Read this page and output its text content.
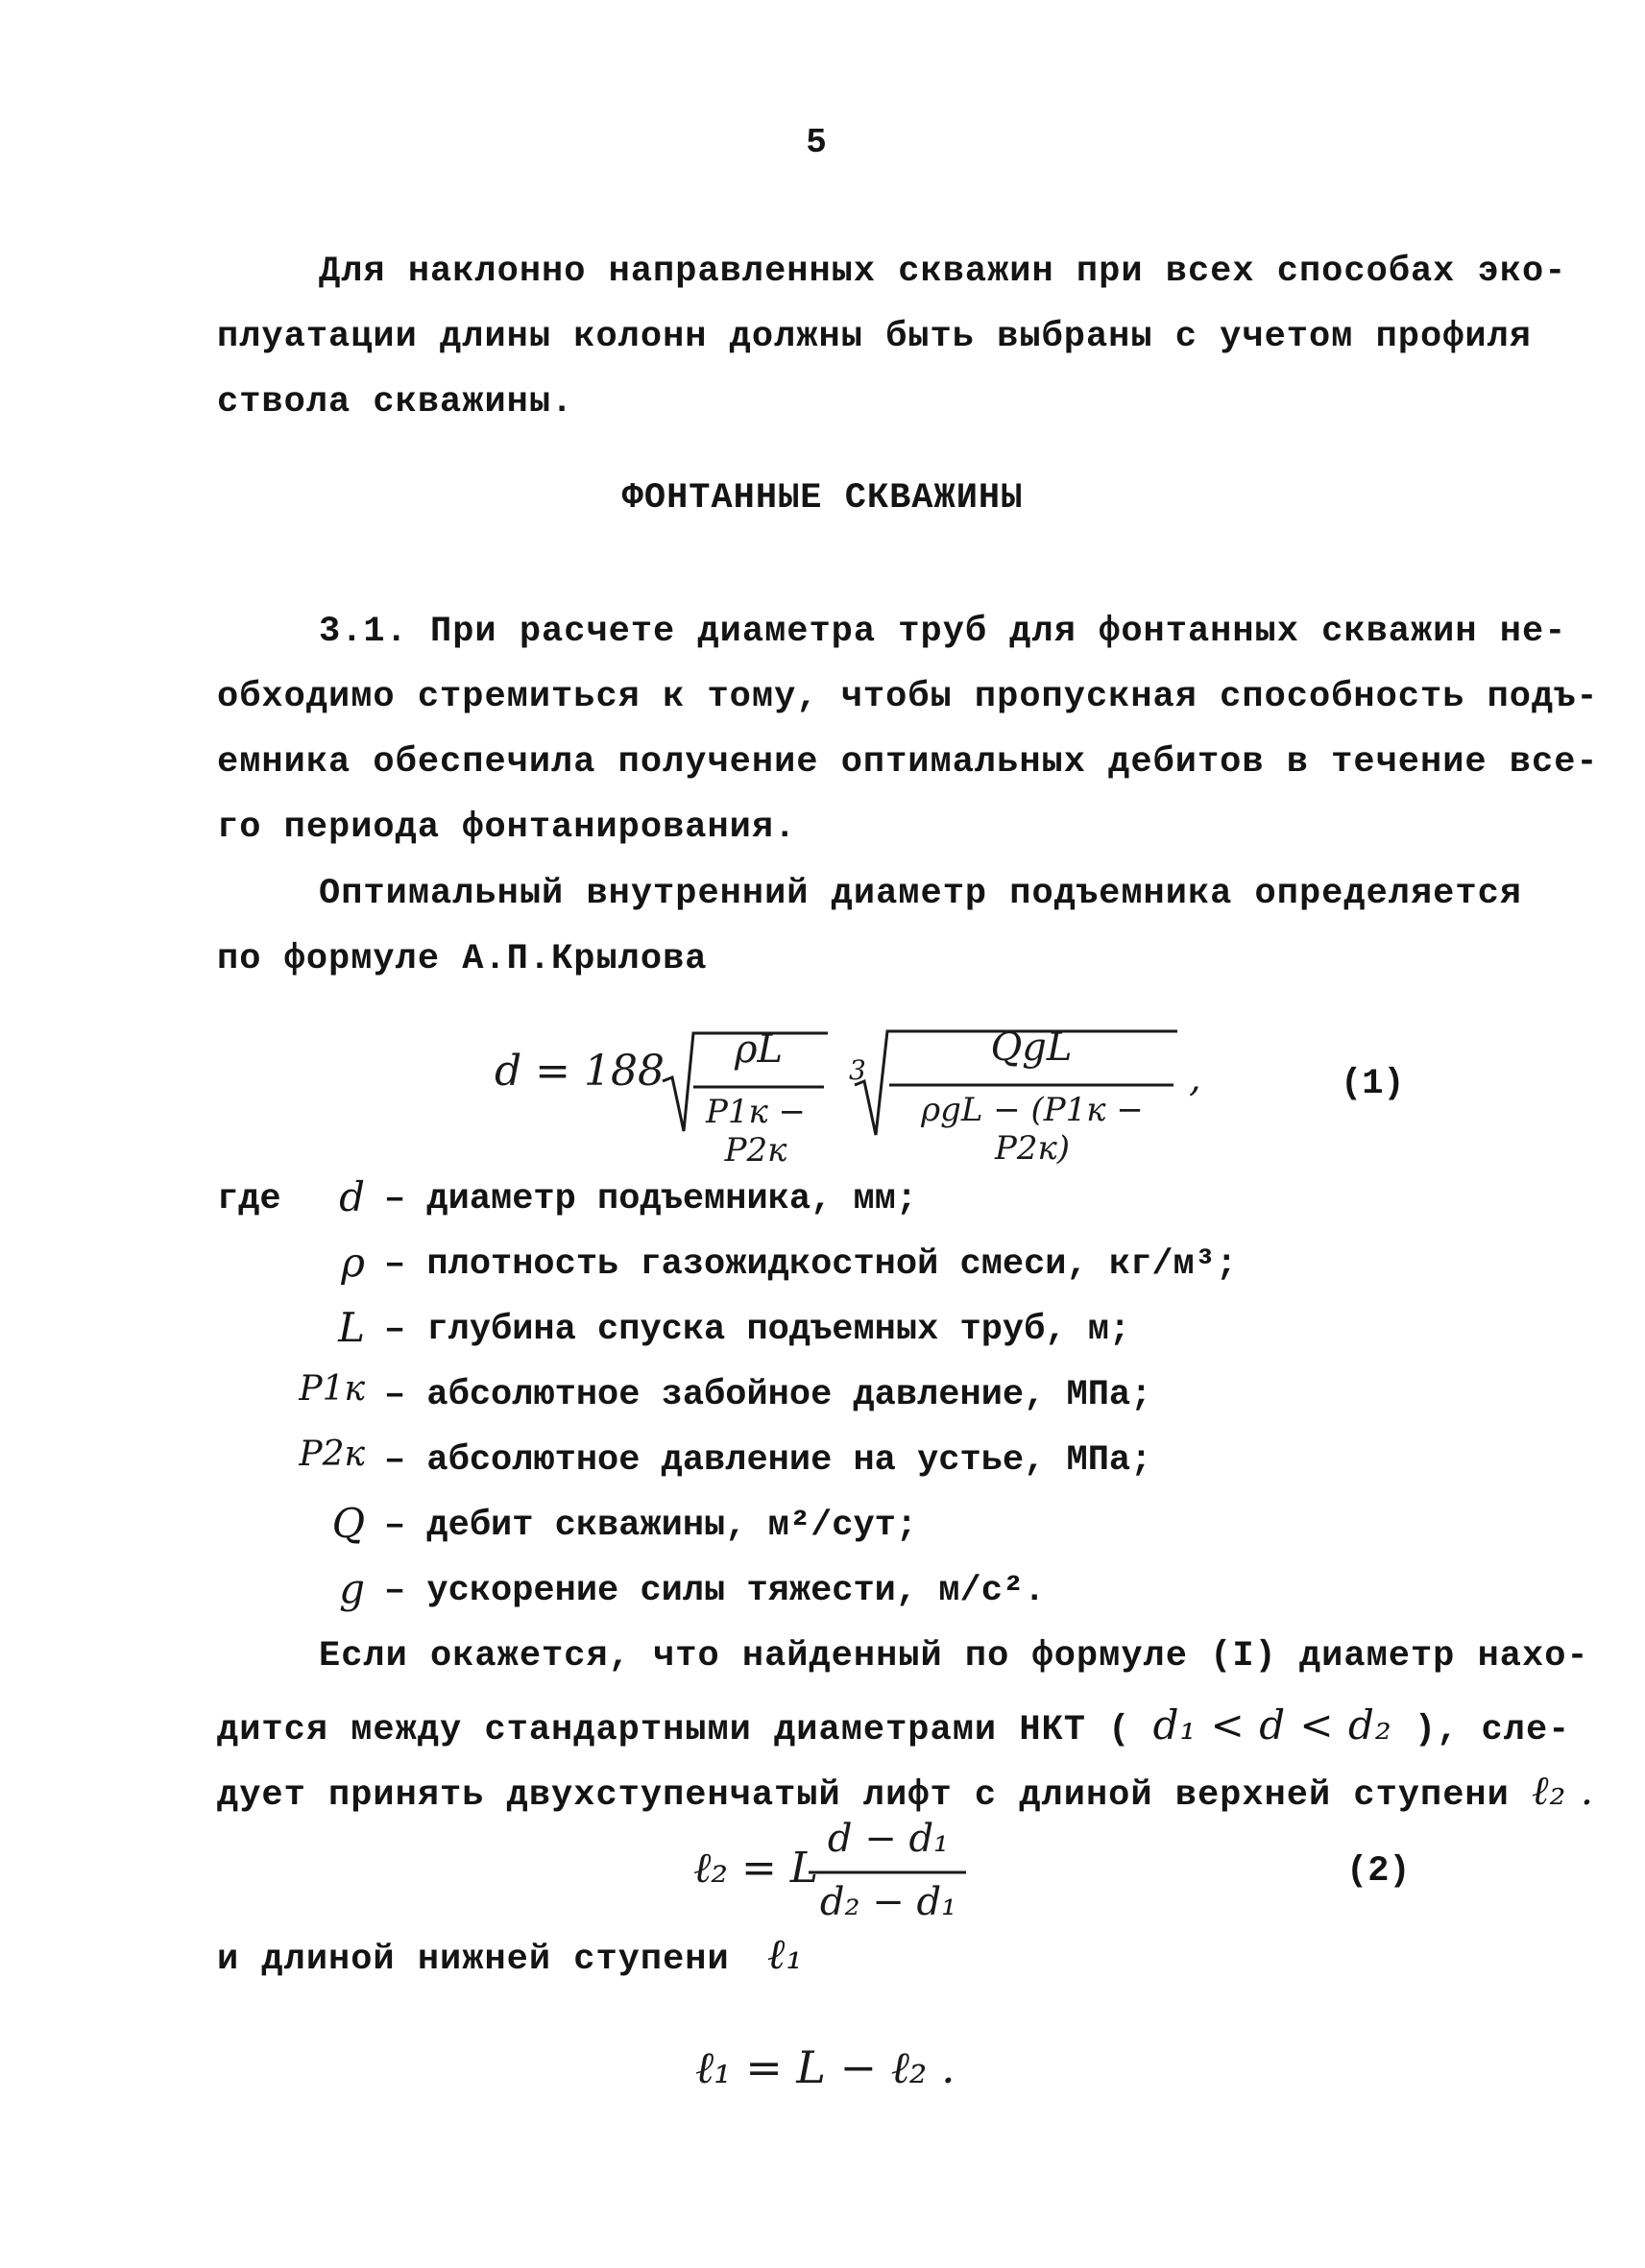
5
Для наклонно направленных скважин при всех способах эко-
плуатации длины колонн должны быть выбраны с учетом профиля
ствола скважины.
ФОНТАННЫЕ СКВАЖИНЫ
3.1. При расчете диаметра труб для фонтанных скважин не-
обходимо стремиться к тому, чтобы пропускная способность подъ-
емника обеспечила получение оптимальных дебитов в течение все-
го периода фонтанирования.
Оптимальный внутренний диаметр подъемника определяется
по формуле А.П.Крылова
d = 188	ρL
P1к − P2к
3
QgL
ρgL − (P1к − P2к)
,	(1)
где	d – диаметр подъемника, мм;
ρ – плотность газожидкостной смеси, кг/м³;
L – глубина спуска подъемных труб, м;
P1к – абсолютное забойное давление, МПа;
P2к – абсолютное давление на устье, МПа;
Q – дебит скважины, м²/сут;
g – ускорение силы тяжести, м/с².
Если окажется, что найденный по формуле (I) диаметр нахо-
дится между стандартными диаметрами НКТ ( d₁ < d < d₂ ), сле-
дует принять двухступенчатый лифт с длиной верхней ступени ℓ₂ .
ℓ₂ = L
d − d₁
d₂ − d₁
(2)
и длиной нижней ступени ℓ₁
ℓ₁ = L − ℓ₂ .
